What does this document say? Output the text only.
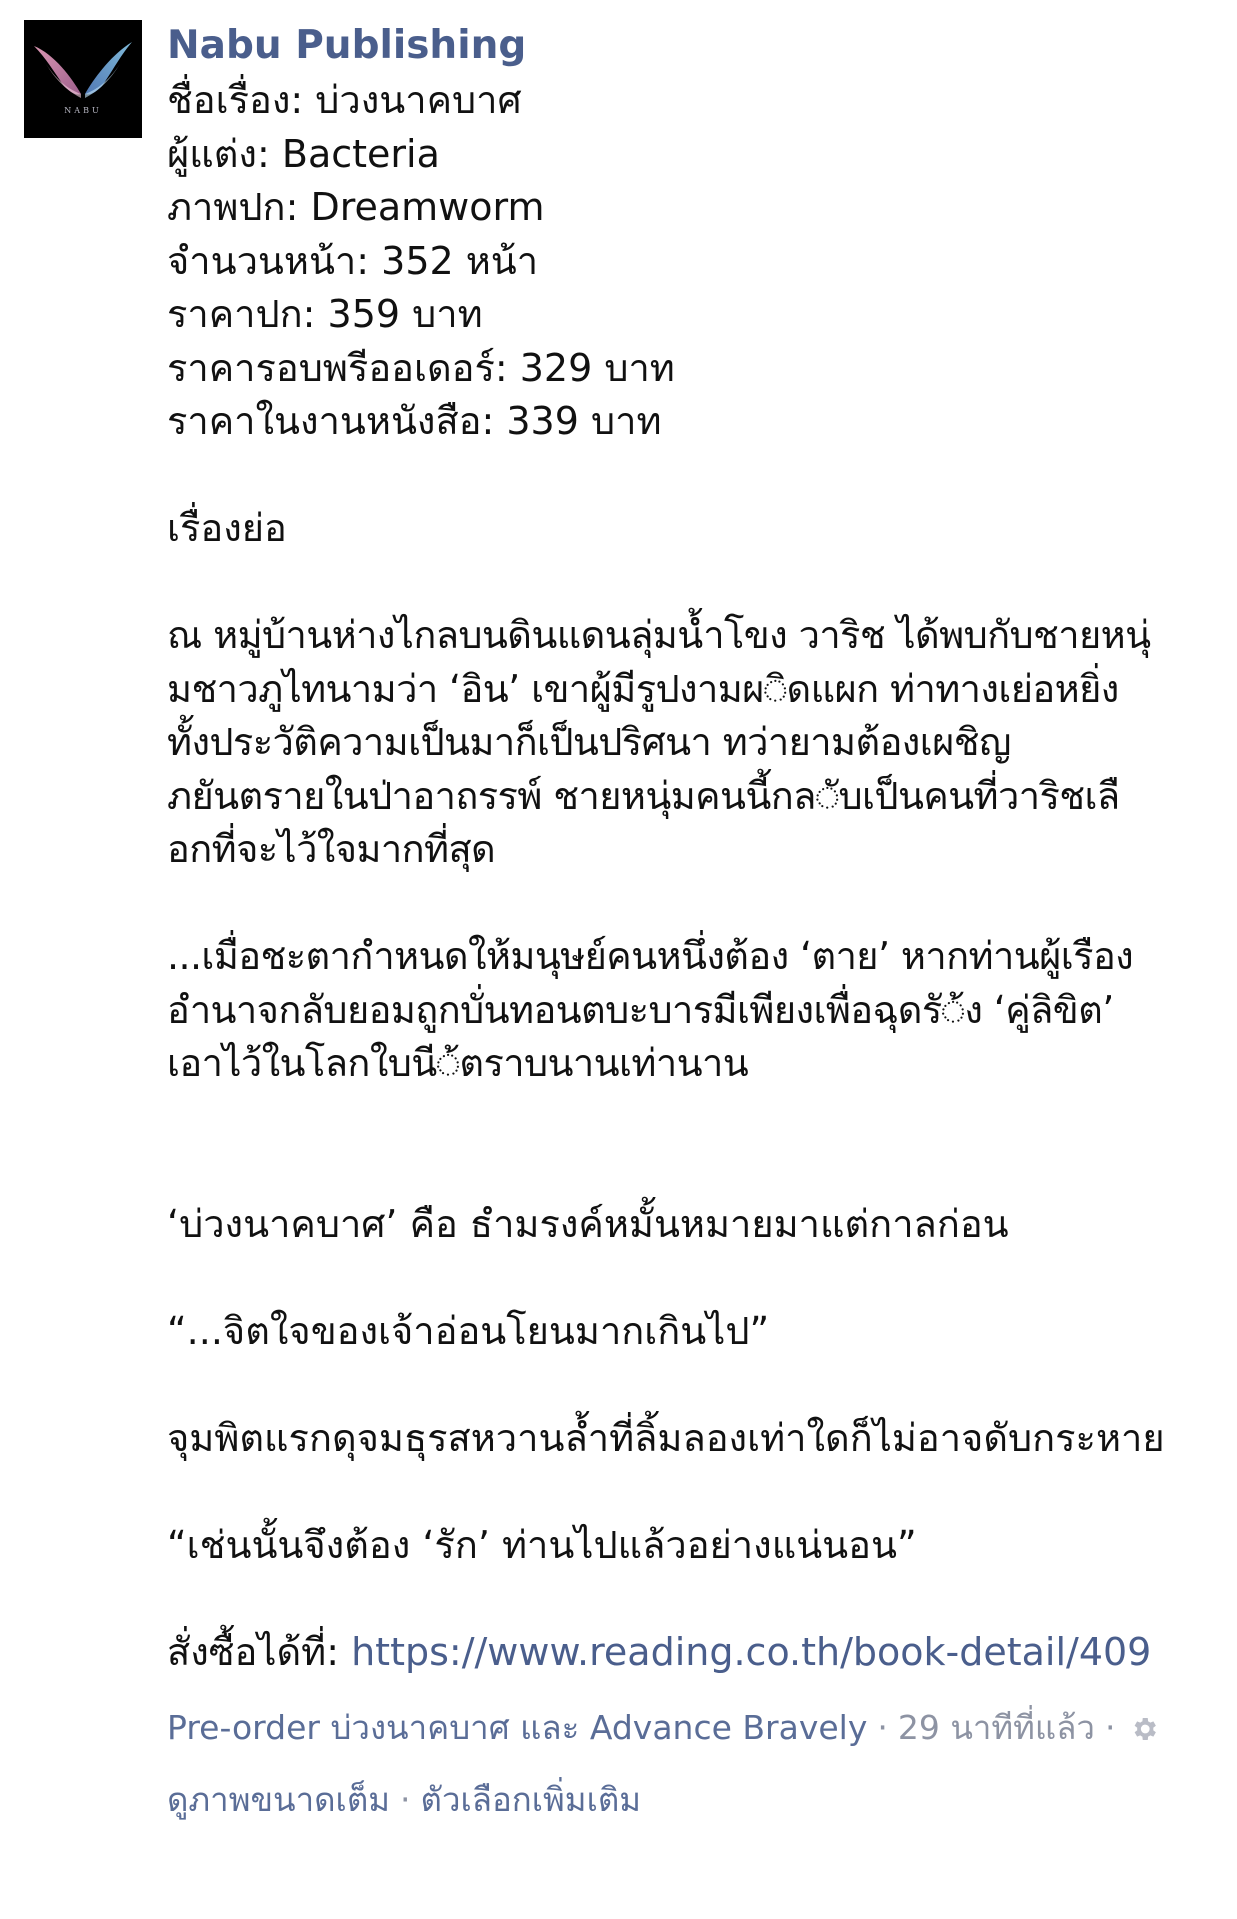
NABU
Nabu Publishing
ชื่อเรื่อง: บ่วงนาคบาศ
ผู้แต่ง: Bacteria
ภาพปก: Dreamworm
จำนวนหน้า: 352 หน้า
ราคาปก: 359 บาท
ราคารอบพรีออเดอร์: 329 บาท
ราคาในงานหนังสือ: 339 บาท
เรื่องย่อ
ณ หมู่บ้านห่างไกลบนดินแดนลุ่มน้ำโขง วาริช ได้พบกับชายหนุ่
มชาวภูไทนามว่า ‘อิน’ เขาผู้มีรูปงามผ◌ิดแผก ท่าทางเย่อหยิ่ง
ทั้งประวัติความเป็นมาก็เป็นปริศนา ทว่ายามต้องเผชิญ
ภยันตรายในป่าอาถรรพ์ ชายหนุ่มคนนี้กล◌ับเป็นคนที่วาริชเลื
อกที่จะไว้ใจมากที่สุด
...เมื่อชะตากำหนดให้มนุษย์คนหนึ่งต้อง ‘ตาย’ หากท่านผู้เรือง
อำนาจกลับยอมถูกบั่นทอนตบะบารมีเพียงเพื่อฉุดรั◌้ง ‘คู่ลิขิต’
เอาไว้ในโลกใบนี◌้ตราบนานเท่านาน
‘บ่วงนาคบาศ’ คือ ธำมรงค์หมั้นหมายมาแต่กาลก่อน
“...จิตใจของเจ้าอ่อนโยนมากเกินไป”
จุมพิตแรกดุจมธุรสหวานล้ำที่ลิ้มลองเท่าใดก็ไม่อาจดับกระหาย
“เช่นนั้นจึงต้อง ‘รัก’ ท่านไปแล้วอย่างแน่นอน”
สั่งซื้อได้ที่: https://www.reading.co.th/book-detail/409
Pre-order บ่วงนาคบาศ และ Advance Bravely · 29 นาทีที่แล้ว ·
ดูภาพขนาดเต็ม · ตัวเลือกเพิ่มเติม
